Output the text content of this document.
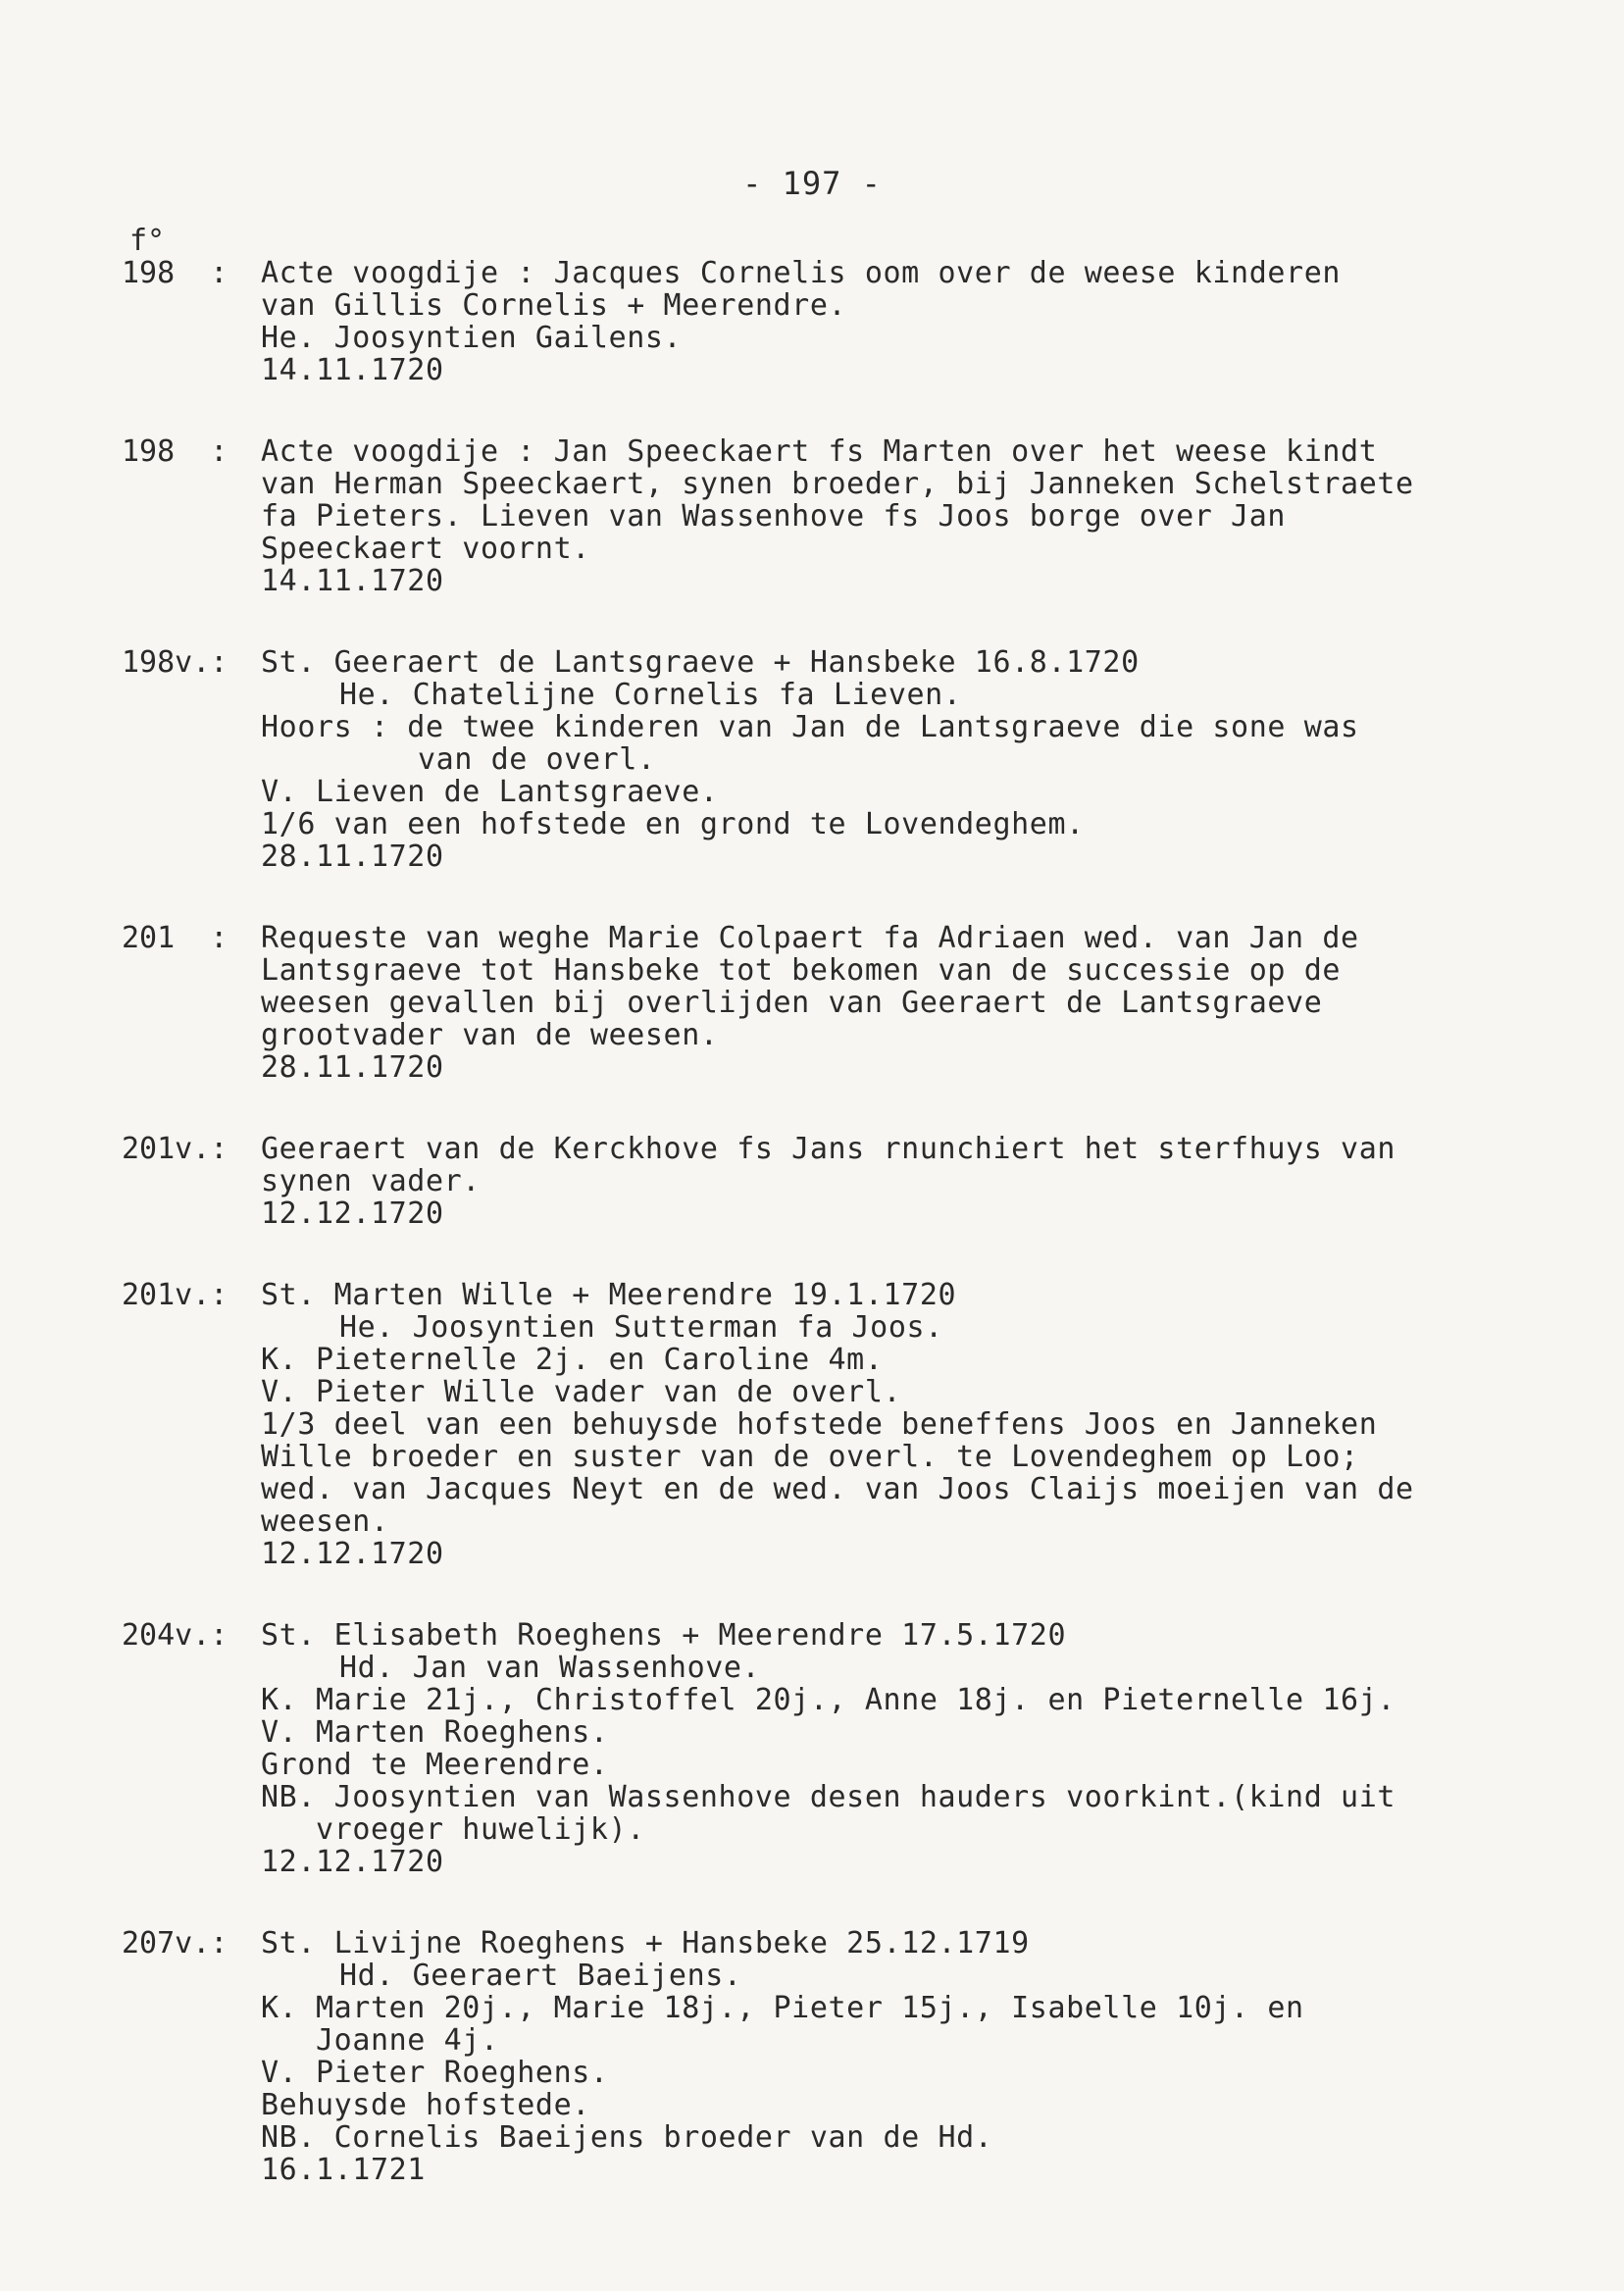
- 197 -
f°
198  : Acte voogdije : Jacques Cornelis oom over de weese kinderen
van Gillis Cornelis + Meerendre.
He. Joosyntien Gailens.
14.11.1720
198  : Acte voogdije : Jan Speeckaert fs Marten over het weese kindt
van Herman Speeckaert, synen broeder, bij Janneken Schelstraete
fa Pieters. Lieven van Wassenhove fs Joos borge over Jan
Speeckaert voornt.
14.11.1720
198v.: St. Geeraert de Lantsgraeve + Hansbeke 16.8.1720
He. Chatelijne Cornelis fa Lieven.
Hoors : de twee kinderen van Jan de Lantsgraeve die sone was
van de overl.
V. Lieven de Lantsgraeve.
1/6 van een hofstede en grond te Lovendeghem.
28.11.1720
201  : Requeste van weghe Marie Colpaert fa Adriaen wed. van Jan de
Lantsgraeve tot Hansbeke tot bekomen van de successie op de
weesen gevallen bij overlijden van Geeraert de Lantsgraeve
grootvader van de weesen.
28.11.1720
201v.: Geeraert van de Kerckhove fs Jans rnunchiert het sterfhuys van
synen vader.
12.12.1720
201v.: St. Marten Wille + Meerendre 19.1.1720
He. Joosyntien Sutterman fa Joos.
K. Pieternelle 2j. en Caroline 4m.
V. Pieter Wille vader van de overl.
1/3 deel van een behuysde hofstede beneffens Joos en Janneken
Wille broeder en suster van de overl. te Lovendeghem op Loo;
wed. van Jacques Neyt en de wed. van Joos Claijs moeijen van de
weesen.
12.12.1720
204v.: St. Elisabeth Roeghens + Meerendre 17.5.1720
Hd. Jan van Wassenhove.
K. Marie 21j., Christoffel 20j., Anne 18j. en Pieternelle 16j.
V. Marten Roeghens.
Grond te Meerendre.
NB. Joosyntien van Wassenhove desen hauders voorkint.(kind uit
vroeger huwelijk).
12.12.1720
207v.: St. Livijne Roeghens + Hansbeke 25.12.1719
Hd. Geeraert Baeijens.
K. Marten 20j., Marie 18j., Pieter 15j., Isabelle 10j. en
Joanne 4j.
V. Pieter Roeghens.
Behuysde hofstede.
NB. Cornelis Baeijens broeder van de Hd.
16.1.1721
